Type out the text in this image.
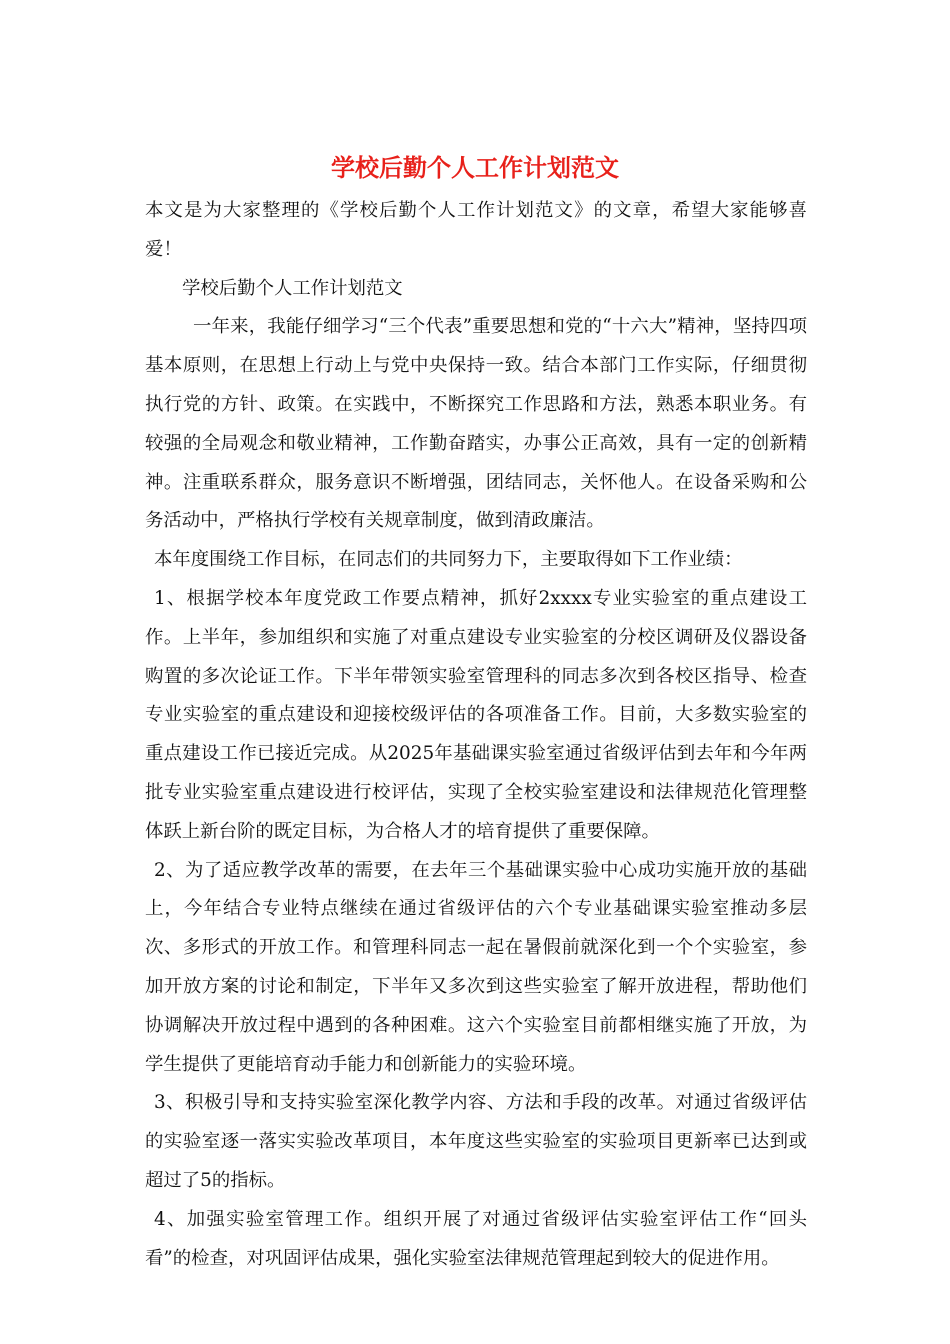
学校后勤个人工作计划范文

本文是为大家整理的《学校后勤个人工作计划范文》的文章，希望大家能够喜爱！

学校后勤个人工作计划范文

一年来，我能仔细学习“三个代表”重要思想和党的“十六大”精神，坚持四项基本原则，在思想上行动上与党中央保持一致。结合本部门工作实际，仔细贯彻执行党的方针、政策。在实践中，不断探究工作思路和方法，熟悉本职业务。有较强的全局观念和敬业精神，工作勤奋踏实，办事公正高效，具有一定的创新精神。注重联系群众，服务意识不断增强，团结同志，关怀他人。在设备采购和公务活动中，严格执行学校有关规章制度，做到清政廉洁。

本年度围绕工作目标，在同志们的共同努力下，主要取得如下工作业绩：

1、根据学校本年度党政工作要点精神，抓好2xxxx专业实验室的重点建设工作。上半年，参加组织和实施了对重点建设专业实验室的分校区调研及仪器设备购置的多次论证工作。下半年带领实验室管理科的同志多次到各校区指导、检查专业实验室的重点建设和迎接校级评估的各项准备工作。目前，大多数实验室的重点建设工作已接近完成。从2025年基础课实验室通过省级评估到去年和今年两批专业实验室重点建设进行校评估，实现了全校实验室建设和法律规范化管理整体跃上新台阶的既定目标，为合格人才的培育提供了重要保障。

2、为了适应教学改革的需要，在去年三个基础课实验中心成功实施开放的基础上，今年结合专业特点继续在通过省级评估的六个专业基础课实验室推动多层次、多形式的开放工作。和管理科同志一起在暑假前就深化到一个个实验室，参加开放方案的讨论和制定，下半年又多次到这些实验室了解开放进程，帮助他们协调解决开放过程中遇到的各种困难。这六个实验室目前都相继实施了开放，为学生提供了更能培育动手能力和创新能力的实验环境。

3、积极引导和支持实验室深化教学内容、方法和手段的改革。对通过省级评估的实验室逐一落实实验改革项目，本年度这些实验室的实验项目更新率已达到或超过了5的指标。

4、加强实验室管理工作。组织开展了对通过省级评估实验室评估工作“回头看”的检查，对巩固评估成果，强化实验室法律规范管理起到较大的促进作用。
